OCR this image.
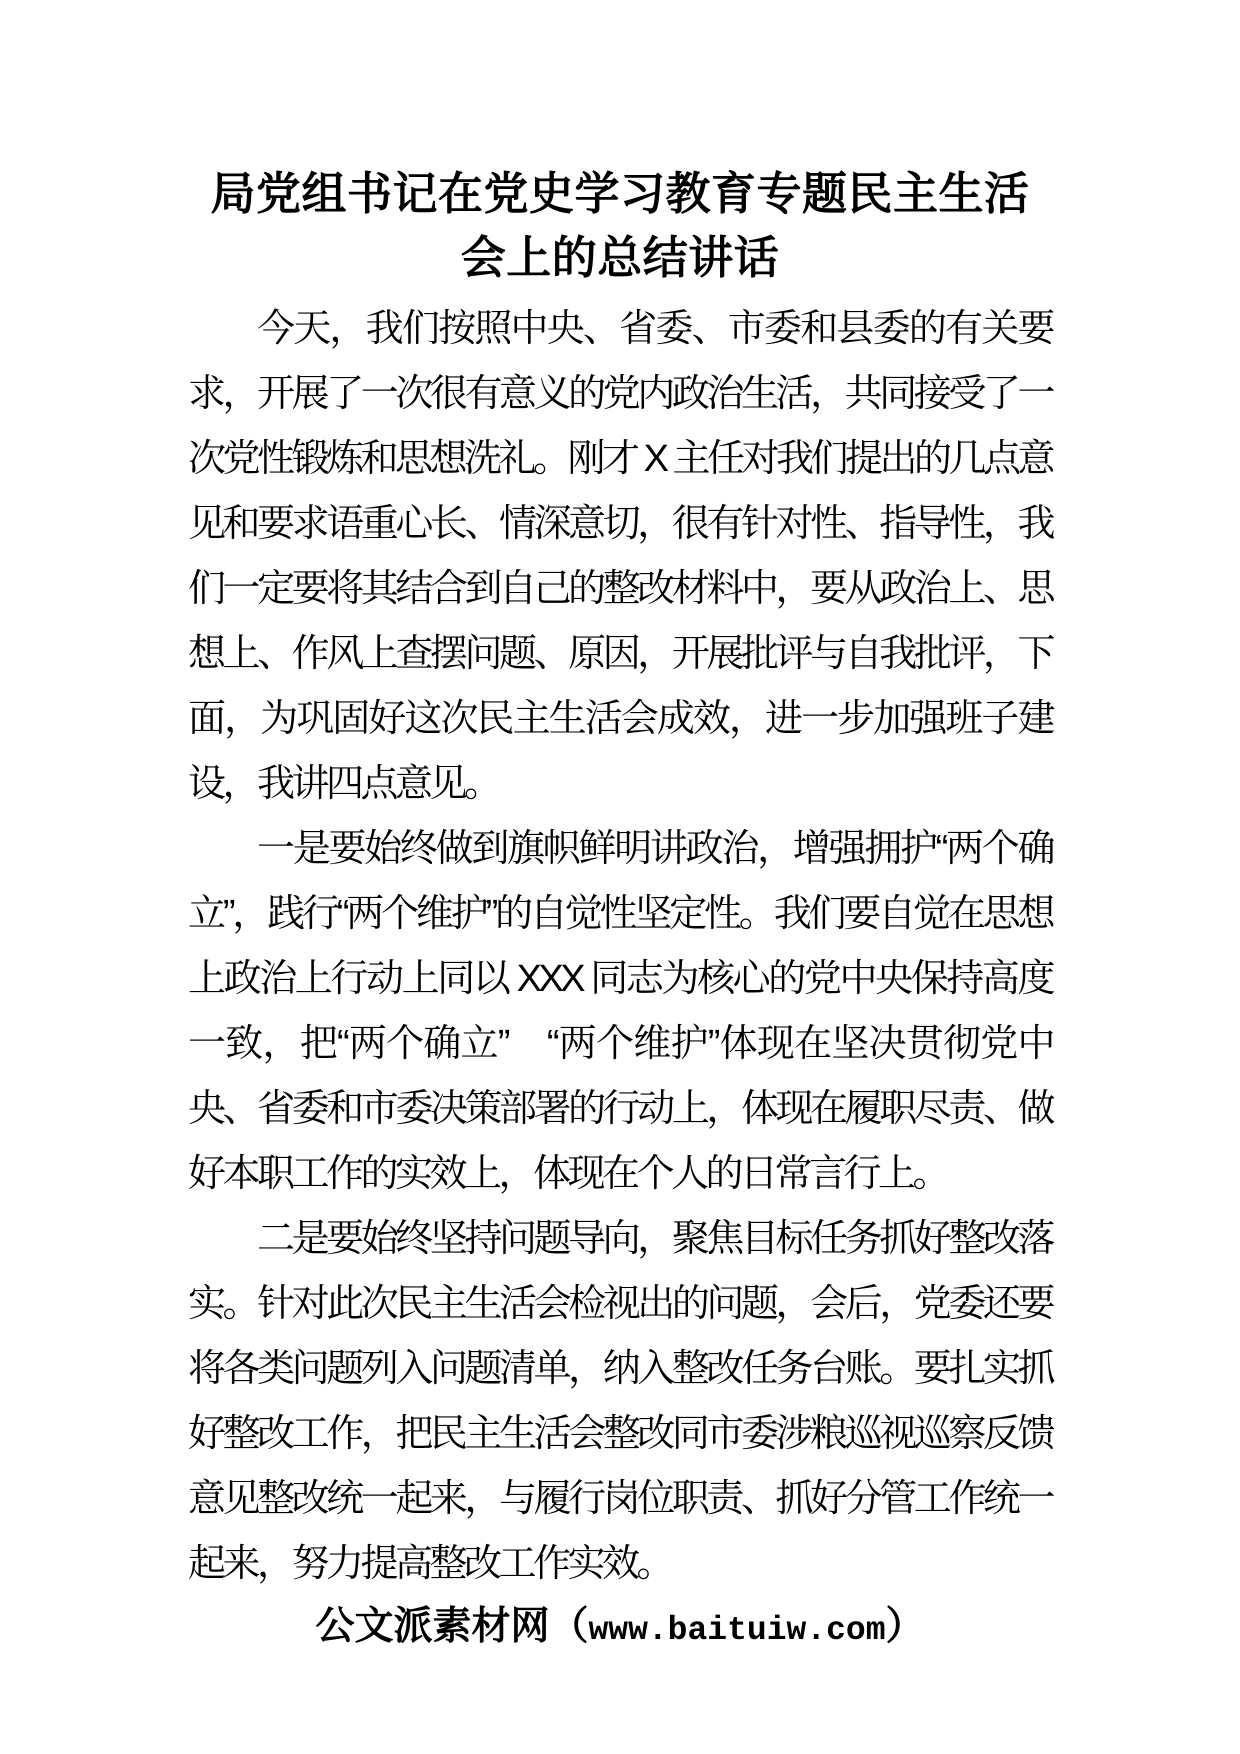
局党组书记在党史学习教育专题民主生活会上的总结讲话

今天，我们按照中央、省委、市委和县委的有关要求，开展了一次很有意义的党内政治生活，共同接受了一次党性锻炼和思想洗礼。刚才 X 主任对我们提出的几点意见和要求语重心长、情深意切，很有针对性、指导性，我们一定要将其结合到自己的整改材料中，要从政治上、思想上、作风上查摆问题、原因，开展批评与自我批评，下面，为巩固好这次民主生活会成效，进一步加强班子建设，我讲四点意见。

一是要始终做到旗帜鲜明讲政治，增强拥护“两个确立”，践行“两个维护”的自觉性坚定性。我们要自觉在思想上政治上行动上同以 XXX 同志为核心的党中央保持高度一致，把“两个确立”　“两个维护”体现在坚决贯彻党中央、省委和市委决策部署的行动上，体现在履职尽责、做好本职工作的实效上，体现在个人的日常言行上。

二是要始终坚持问题导向，聚焦目标任务抓好整改落实。针对此次民主生活会检视出的问题，会后，党委还要将各类问题列入问题清单，纳入整改任务台账。要扎实抓好整改工作，把民主生活会整改同市委涉粮巡视巡察反馈意见整改统一起来，与履行岗位职责、抓好分管工作统一起来，努力提高整改工作实效。

公文派素材网（www.baituiw.com）
